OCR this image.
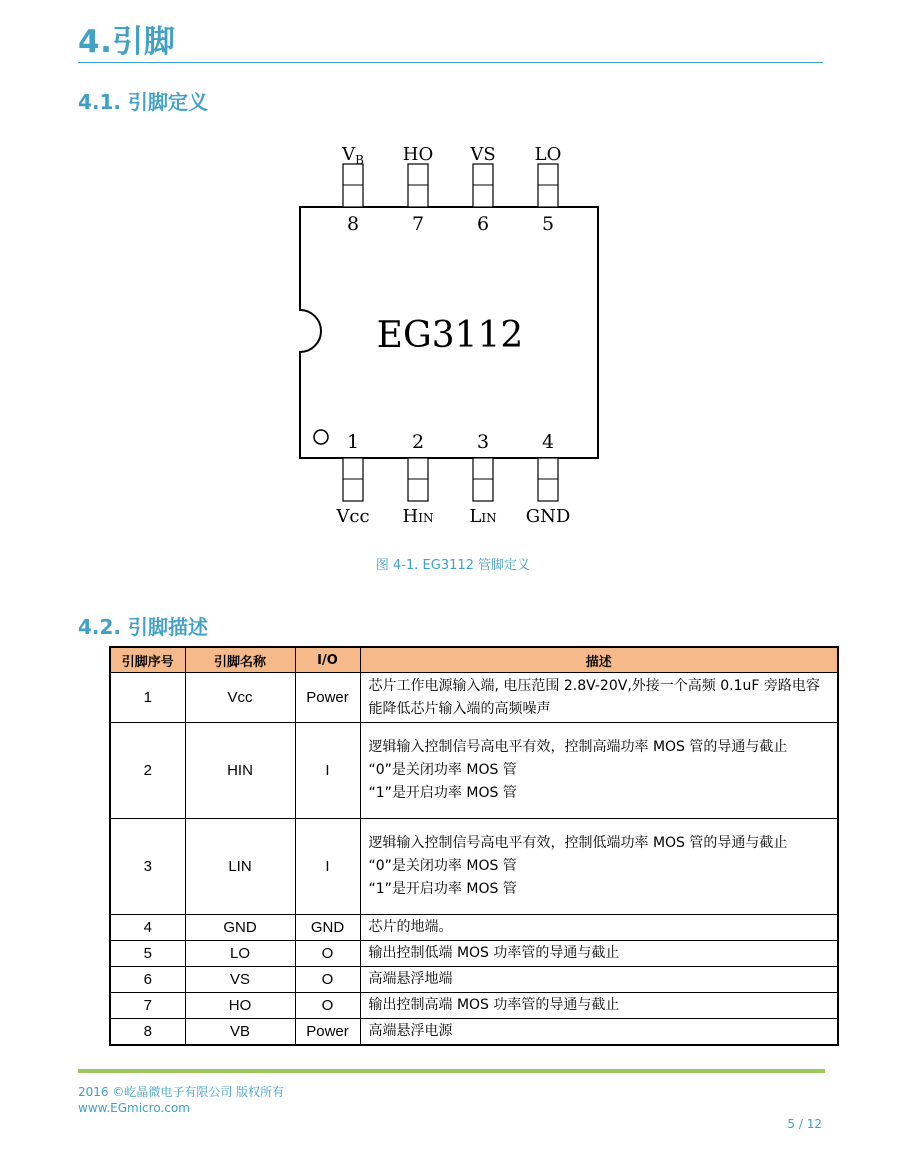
4.引脚
4.1. 引脚定义
EG3112
8
$V_B$
7
HO
6
VS
5
LO
1
Vcc
2
HIN
3
LIN
4
GND
图 4-1. EG3112 管脚定义
4.2. 引脚描述
引脚序号	引脚名称	I/O	描述
1	Vcc	Power	芯片工作电源输入端, 电压范围 2.8V-20V,外接一个高频 0.1uF 旁路电容能降低芯片输入端的高频噪声

2	HIN	I	逻辑输入控制信号高电平有效，控制高端功率 MOS 管的导通与截止
“0”是关闭功率 MOS 管
“1”是开启功率 MOS 管

3	LIN	I	逻辑输入控制信号高电平有效，控制低端功率 MOS 管的导通与截止
“0”是关闭功率 MOS 管
“1”是开启功率 MOS 管

4	GND	GND	芯片的地端。

5	LO	O	输出控制低端 MOS 功率管的导通与截止

6	VS	O	高端悬浮地端

7	HO	O	输出控制高端 MOS 功率管的导通与截止

8	VB	Power	高端悬浮电源
2016 ©屹晶微电子有限公司 版权所有
www.EGmicro.com
5 / 12
